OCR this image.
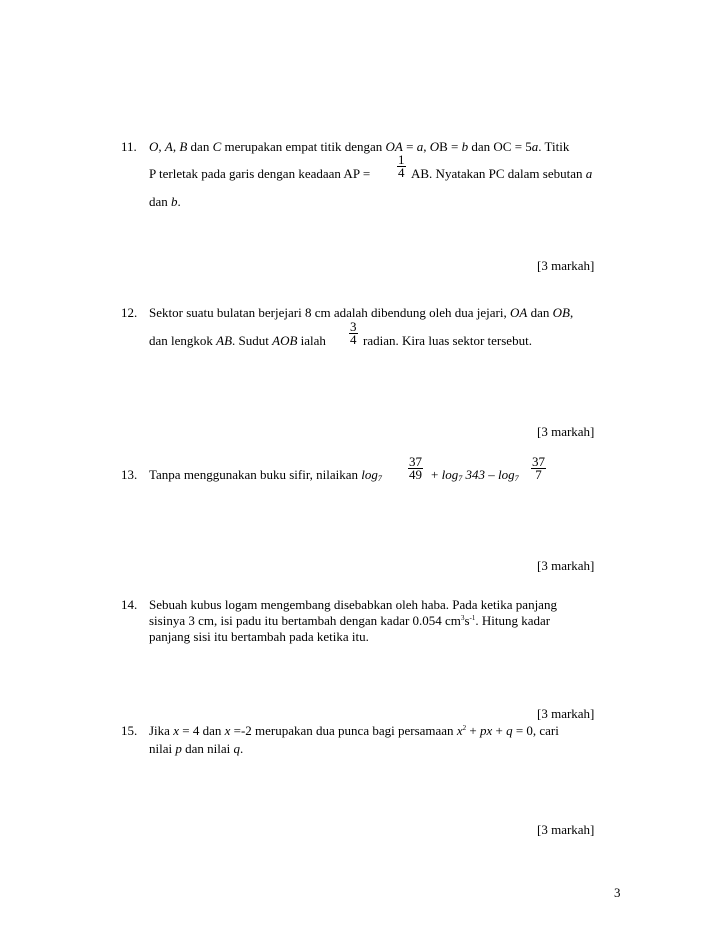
11. O, A, B dan C merupakan empat titik dengan OA = a, OB = b dan OC = 5a. Titik
P terletak pada garis dengan keadaan AP = $\frac{1}{4}$ AB. Nyatakan PC dalam sebutan a
dan b.
[3 markah]
12. Sektor suatu bulatan berjejari 8 cm adalah dibendung oleh dua jejari, OA dan OB,
dan lengkok AB. Sudut AOB ialah $\frac{3}{4}$ radian. Kira luas sektor tersebut.
[3 markah]
13. Tanpa menggunakan buku sifir, nilaikan $\log_7 \frac{37}{49} + \log_7 343 - \log_7 \frac{37}{7}$
[3 markah]
14. Sebuah kubus logam mengembang disebabkan oleh haba. Pada ketika panjang
sisinya 3 cm, isi padu itu bertambah dengan kadar 0.054 $cm^3s^{-1}$. Hitung kadar
panjang sisi itu bertambah pada ketika itu.
[3 markah]
15. Jika x = 4 dan x =-2 merupakan dua punca bagi persamaan $x^2$ + px + q = 0, cari
nilai p dan nilai q.
[3 markah]
3
